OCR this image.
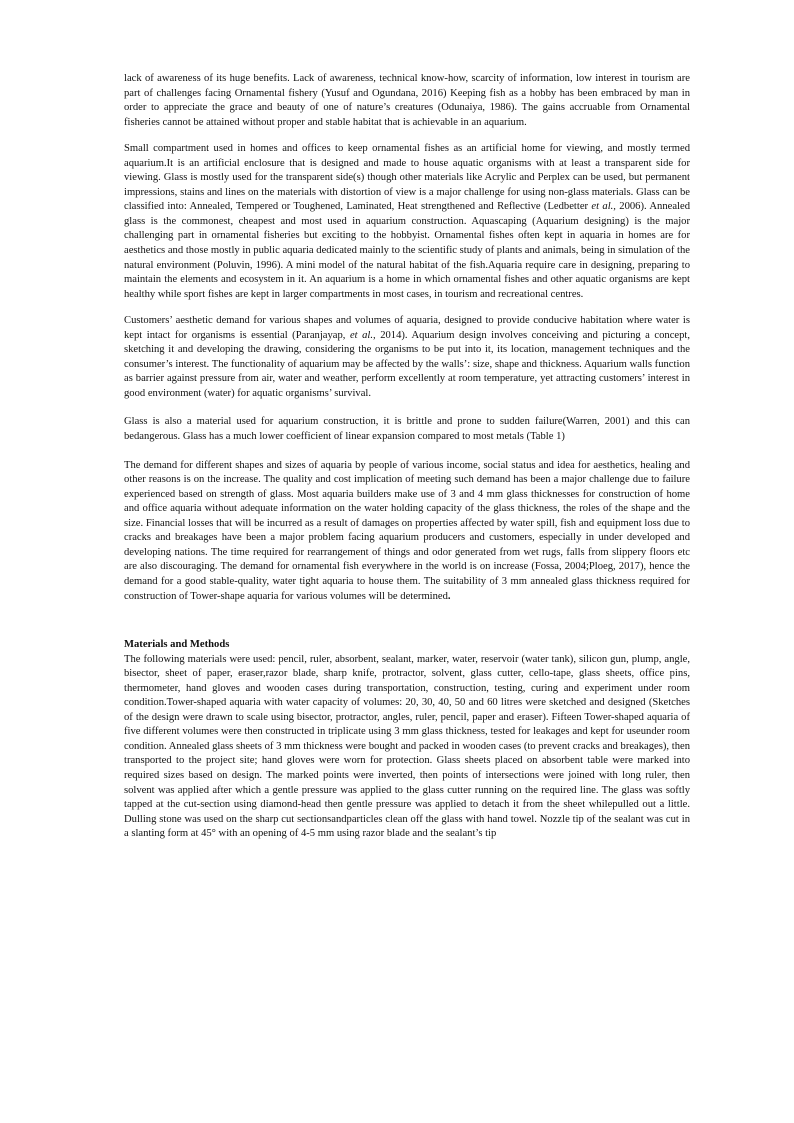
lack of awareness of its huge benefits. Lack of awareness, technical know-how, scarcity of information, low interest in tourism are part of challenges facing Ornamental fishery (Yusuf and Ogundana, 2016) Keeping fish as a hobby has been embraced by man in order to appreciate the grace and beauty of one of nature’s creatures (Odunaiya, 1986). The gains accruable from Ornamental fisheries cannot be attained without proper and stable habitat that is achievable in an aquarium.

Small compartment used in homes and offices to keep ornamental fishes as an artificial home for viewing, and mostly termed aquarium.It is an artificial enclosure that is designed and made to house aquatic organisms with at least a transparent side for viewing. Glass is mostly used for the transparent side(s) though other materials like Acrylic and Perplex can be used, but permanent impressions, stains and lines on the materials with distortion of view is a major challenge for using non-glass materials. Glass can be classified into: Annealed, Tempered or Toughened, Laminated, Heat strengthened and Reflective (Ledbetter et al., 2006). Annealed glass is the commonest, cheapest and most used in aquarium construction. Aquascaping (Aquarium designing) is the major challenging part in ornamental fisheries but exciting to the hobbyist. Ornamental fishes often kept in aquaria in homes are for aesthetics and those mostly in public aquaria dedicated mainly to the scientific study of plants and animals, being in simulation of the natural environment (Poluvin, 1996). A mini model of the natural habitat of the fish.Aquaria require care in designing, preparing to maintain the elements and ecosystem in it. An aquarium is a home in which ornamental fishes and other aquatic organisms are kept healthy while sport fishes are kept in larger compartments in most cases, in tourism and recreational centres.

Customers’ aesthetic demand for various shapes and volumes of aquaria, designed to provide conducive habitation where water is kept intact for organisms is essential (Paranjayap, et al., 2014). Aquarium design involves conceiving and picturing a concept, sketching it and developing the drawing, considering the organisms to be put into it, its location, management techniques and the consumer’s interest. The functionality of aquarium may be affected by the walls’: size, shape and thickness. Aquarium walls function as barrier against pressure from air, water and weather, perform excellently at room temperature, yet attracting customers’ interest in good environment (water) for aquatic organisms’ survival.

Glass is also a material used for aquarium construction, it is brittle and prone to sudden failure(Warren, 2001) and this can bedangerous. Glass has a much lower coefficient of linear expansion compared to most metals (Table 1)

The demand for different shapes and sizes of aquaria by people of various income, social status and idea for aesthetics, healing and other reasons is on the increase. The quality and cost implication of meeting such demand has been a major challenge due to failure experienced based on strength of glass. Most aquaria builders make use of 3 and 4 mm glass thicknesses for construction of home and office aquaria without adequate information on the water holding capacity of the glass thickness, the roles of the shape and the size. Financial losses that will be incurred as a result of damages on properties affected by water spill, fish and equipment loss due to cracks and breakages have been a major problem facing aquarium producers and customers, especially in under developed and developing nations. The time required for rearrangement of things and odor generated from wet rugs, falls from slippery floors etc are also discouraging. The demand for ornamental fish everywhere in the world is on increase (Fossa, 2004;Ploeg, 2017), hence the demand for a good stable-quality, water tight aquaria to house them. The suitability of 3 mm annealed glass thickness required for construction of Tower-shape aquaria for various volumes will be determined.

Materials and Methods

The following materials were used: pencil, ruler, absorbent, sealant, marker, water, reservoir (water tank), silicon gun, plump, angle, bisector, sheet of paper, eraser,razor blade, sharp knife, protractor, solvent, glass cutter, cello-tape, glass sheets, office pins, thermometer, hand gloves and wooden cases during transportation, construction, testing, curing and experiment under room condition.Tower-shaped aquaria with water capacity of volumes: 20, 30, 40, 50 and 60 litres were sketched and designed (Sketches of the design were drawn to scale using bisector, protractor, angles, ruler, pencil, paper and eraser). Fifteen Tower-shaped aquaria of five different volumes were then constructed in triplicate using 3 mm glass thickness, tested for leakages and kept for useunder room condition. Annealed glass sheets of 3 mm thickness were bought and packed in wooden cases (to prevent cracks and breakages), then transported to the project site; hand gloves were worn for protection. Glass sheets placed on absorbent table were marked into required sizes based on design. The marked points were inverted, then points of intersections were joined with long ruler, then solvent was applied after which a gentle pressure was applied to the glass cutter running on the required line. The glass was softly tapped at the cut-section using diamond-head then gentle pressure was applied to detach it from the sheet whilepulled out a little. Dulling stone was used on the sharp cut sectionsandparticles clean off the glass with hand towel. Nozzle tip of the sealant was cut in a slanting form at 45° with an opening of 4-5 mm using razor blade and the sealant’s tip
